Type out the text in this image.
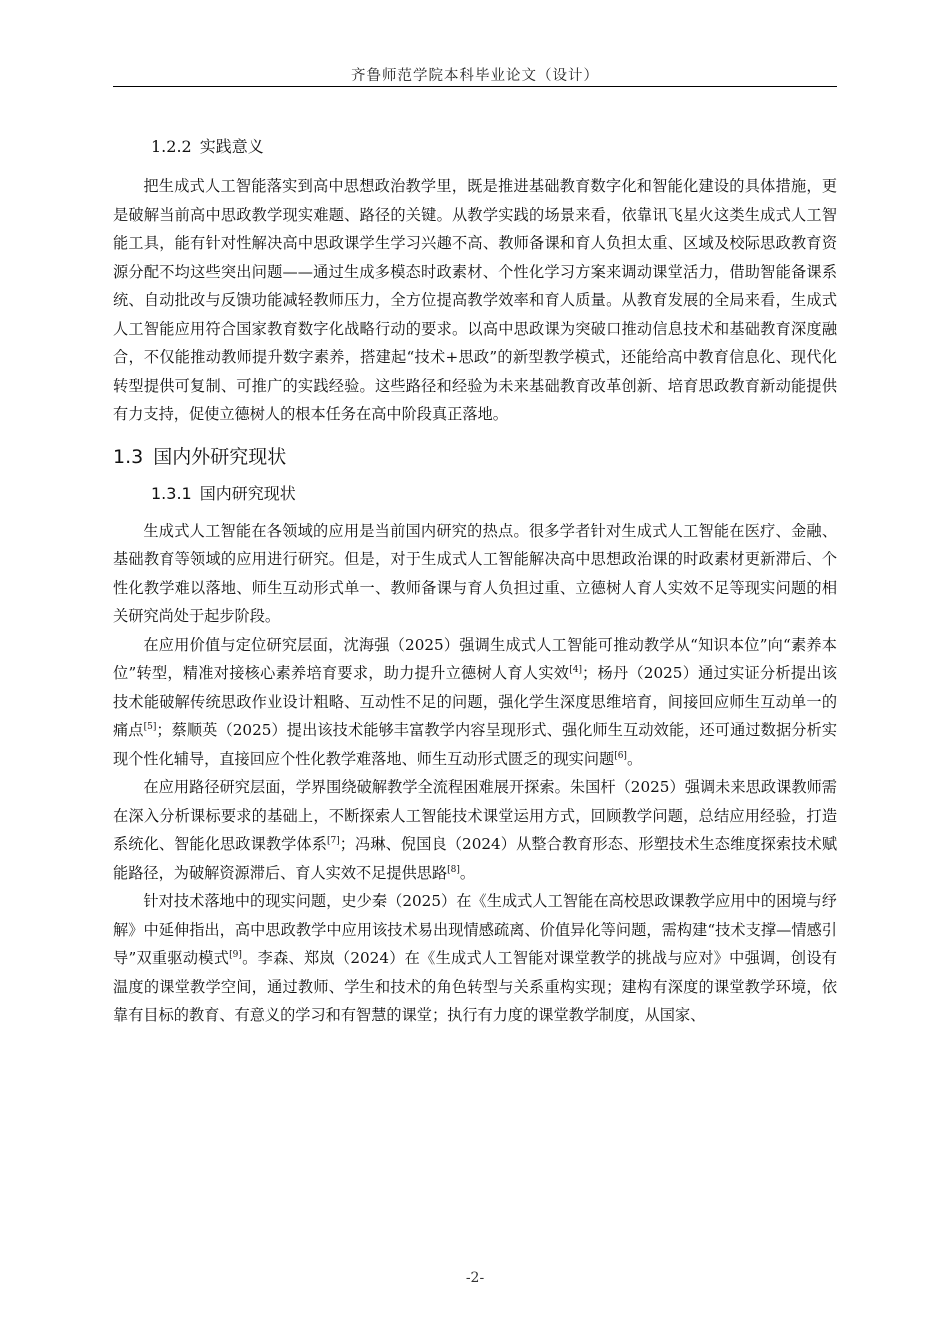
齐鲁师范学院本科毕业论文（设计）
1.2.2 实践意义

把生成式人工智能落实到高中思想政治教学里，既是推进基础教育数字化和智能化建设的具体措施，更是破解当前高中思政教学现实难题、路径的关键。从教学实践的场景来看，依靠讯飞星火这类生成式人工智能工具，能有针对性解决高中思政课学生学习兴趣不高、教师备课和育人负担太重、区域及校际思政教育资源分配不均这些突出问题——通过生成多模态时政素材、个性化学习方案来调动课堂活力，借助智能备课系统、自动批改与反馈功能减轻教师压力，全方位提高教学效率和育人质量。从教育发展的全局来看，生成式人工智能应用符合国家教育数字化战略行动的要求。以高中思政课为突破口推动信息技术和基础教育深度融合，不仅能推动教师提升数字素养，搭建起“技术+思政”的新型教学模式，还能给高中教育信息化、现代化转型提供可复制、可推广的实践经验。这些路径和经验为未来基础教育改革创新、培育思政教育新动能提供有力支持，促使立德树人的根本任务在高中阶段真正落地。

1.3 国内外研究现状
1.3.1 国内研究现状

生成式人工智能在各领域的应用是当前国内研究的热点。很多学者针对生成式人工智能在医疗、金融、基础教育等领域的应用进行研究。但是，对于生成式人工智能解决高中思想政治课的时政素材更新滞后、个性化教学难以落地、师生互动形式单一、教师备课与育人负担过重、立德树人育人实效不足等现实问题的相关研究尚处于起步阶段。

在应用价值与定位研究层面，沈海强（2025）强调生成式人工智能可推动教学从“知识本位”向“素养本位”转型，精准对接核心素养培育要求，助力提升立德树人育人实效[4]；杨丹（2025）通过实证分析提出该技术能破解传统思政作业设计粗略、互动性不足的问题，强化学生深度思维培育，间接回应师生互动单一的痛点[5]；蔡顺英（2025）提出该技术能够丰富教学内容呈现形式、强化师生互动效能，还可通过数据分析实现个性化辅导，直接回应个性化教学难落地、师生互动形式匮乏的现实问题[6]。

在应用路径研究层面，学界围绕破解教学全流程困难展开探索。朱国杆（2025）强调未来思政课教师需在深入分析课标要求的基础上，不断探索人工智能技术课堂运用方式，回顾教学问题，总结应用经验，打造系统化、智能化思政课教学体系[7]；冯琳、倪国良（2024）从整合教育形态、形塑技术生态维度探索技术赋能路径，为破解资源滞后、育人实效不足提供思路[8]。

针对技术落地中的现实问题，史少秦（2025）在《生成式人工智能在高校思政课教学应用中的困境与纾解》中延伸指出，高中思政教学中应用该技术易出现情感疏离、价值异化等问题，需构建“技术支撑—情感引导”双重驱动模式[9]。李森、郑岚（2024）在《生成式人工智能对课堂教学的挑战与应对》中强调，创设有温度的课堂教学空间，通过教师、学生和技术的角色转型与关系重构实现；建构有深度的课堂教学环境，依靠有目标的教育、有意义的学习和有智慧的课堂；执行有力度的课堂教学制度，从国家、

-2-
